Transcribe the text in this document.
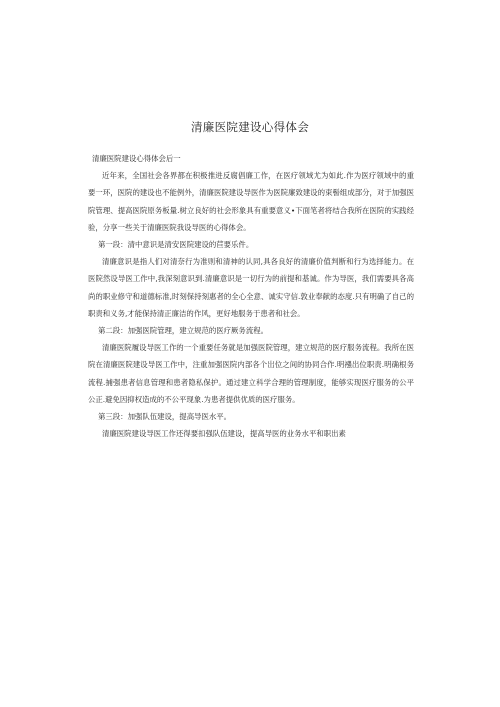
清廉医院建设心得体会

清廉医院建设心得体会后一

近年来，全国社会各界都在积极推进反腐倡廉工作，在医疗领域尤为如此.作为医疗领域中的重要一环，医院的建设也不能例外，清廉医院建设导医作为医院廉致建设的束髻组成部分，对于加强医院管理、提高医院原务板量.树立良好的社会形象具有重要意义•下面笔者将结合我所在医院的实践经验，分享一些关于清廉医院我设导医的心得体会。

第一段：清中意识是清安医院建设的苣要乐件。

清廉意识是指人们对清奈行为准则和清神的认同,具各良好的清廉价值判断和行为选择能力。在医院然设导医工作中,我深刻意识到.清廉意识是一切行为的前提和基诚。作为导医，我们需要具各高尚的职业修守和道德标准,时刻保持刻惠者的全心全意、诚实守信.敦业奉献的态度.只有明确了自己的职责和义务,才能保持清正廉洁的作风，更好地服务于患者和社会。

第二段：加强医院管理，建立规范的医疗厥务流程。

清廉医院履设导医工作的一个重要任务就是加强医院管理，建立规范的医疗服务流程。我所在医院在清廉医院建设导医工作中，注重加强医院内部各个岀位之间的协同合作.明襁岀位职责.明确根务流程.捕强患者信息管理和患者隐私保护。通过建立科学合理的管理制度，能够实现医疗服务的公平公正.避免因抑权造成的不公平现象.为患者提供优质的医疗服务。

第三段：加强队伍建设，提高导医水平。

清廉医院建设导医工作还得要扣强队伍建设，提高导医的业务水平和职出素
